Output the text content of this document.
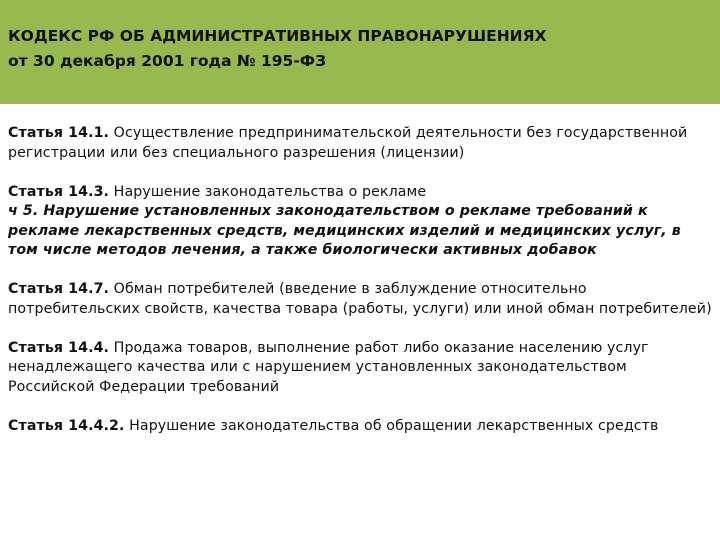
КОДЕКС РФ ОБ АДМИНИСТРАТИВНЫХ ПРАВОНАРУШЕНИЯХ
от 30 декабря 2001 года № 195-ФЗ

Статья 14.1. Осуществление предпринимательской деятельности без государственной регистрации или без специального разрешения (лицензии)

Статья 14.3. Нарушение законодательства о рекламе
ч 5. Нарушение установленных законодательством о рекламе требований к рекламе лекарственных средств, медицинских изделий и медицинских услуг, в том числе методов лечения, а также биологически активных добавок

Статья 14.7. Обман потребителей (введение в заблуждение относительно потребительских свойств, качества товара (работы, услуги) или иной обман потребителей)

Статья 14.4. Продажа товаров, выполнение работ либо оказание населению услуг ненадлежащего качества или с нарушением установленных законодательством Российской Федерации требований

Статья 14.4.2. Нарушение законодательства об обращении лекарственных средств
